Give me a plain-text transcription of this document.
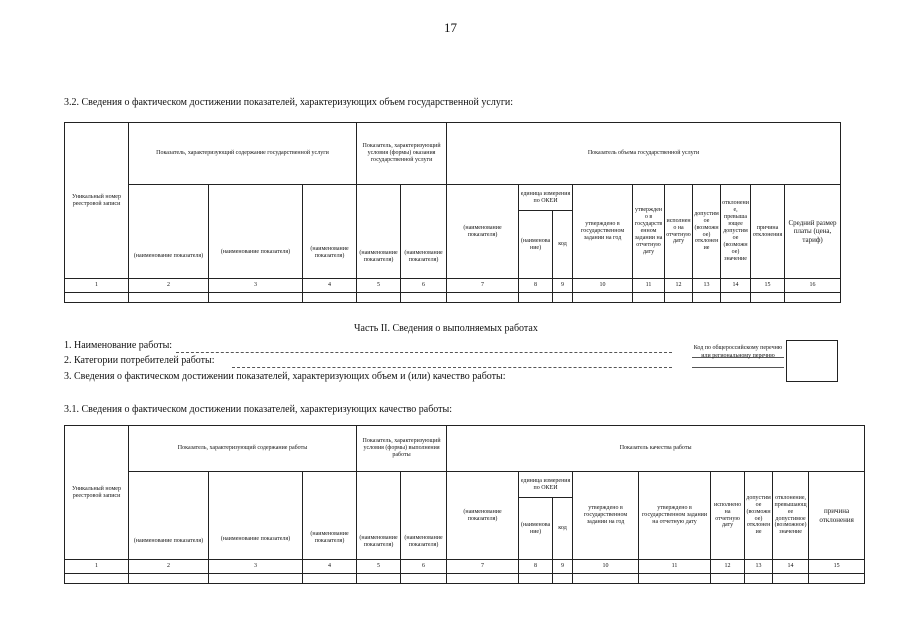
17
3.2. Сведения о фактическом достижении показателей, характеризующих объем государственной услуги:
Уникальный номер реестровой записи	Показатель, характеризующий содержание государственной услуги			Показатель, характеризующий условия (формы) оказания государственной услуги		Показатель объема государственной услуги									
	(наименование показателя)	(наименование показателя)	(наименование показателя)	(наименование показателя)	(наименование показателя)	(наименование показателя)	единица измерения по ОКЕИ		утверждено в государственном задании на год	утверждено в государственном задании на отчетную дату	исполнено на отчетную дату	допустимое (возможное) отклонение	отклонение, превышающее допустимое (возможное) значение	причина отклонения	Средний размер платы (цена, тариф)
							(наименование)	код							
1	2	3	4	5	6	7	8	9	10	11	12	13	14	15	16

Часть II. Сведения о выполняемых работах
1. Наименование работы:
2. Категории потребителей работы:
3. Сведения о фактическом достижении показателей, характеризующих объем и (или) качество работы:
Код по общероссийскому перечню или региональному перечню
3.1. Сведения о фактическом достижении показателей, характеризующих качество работы:
Уникальный номер реестровой записи	Показатель, характеризующий содержание работы			Показатель, характеризующий условия (формы) выполнения работы		Показатель качества работы								
	(наименование показателя)	(наименование показателя)	(наименование показателя)	(наименование показателя)	(наименование показателя)	(наименование показателя)	единица измерения по ОКЕИ		утверждено в государственном задании на год	утверждено в государственном задании на отчетную дату	исполнено на отчетную дату	допустимое (возможное) отклонение	отклонение, превышающее допустимое (возможное) значение	причина отклонения
							(наименование)	код						
1	2	3	4	5	6	7	8	9	10	11	12	13	14	15
